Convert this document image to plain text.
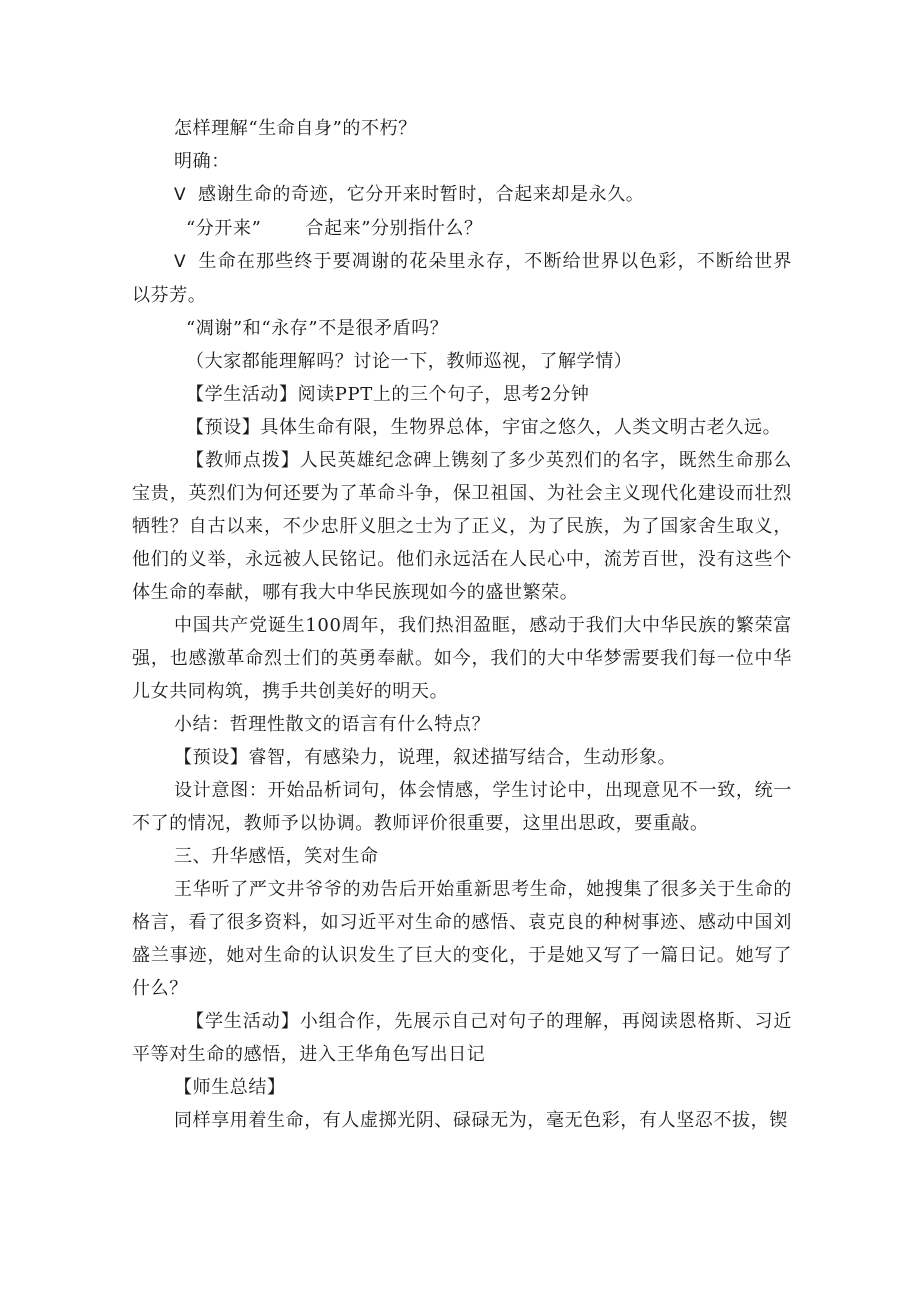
怎样理解“生命自身”的不朽？

明确：

V 感谢生命的奇迹，它分开来时暂时，合起来却是永久。

“分开来” 合起来”分别指什么？

V 生命在那些终于要凋谢的花朵里永存，不断给世界以色彩，不断给世界以芬芳。

“凋谢”和“永存”不是很矛盾吗？

（大家都能理解吗？讨论一下，教师巡视，了解学情）

【学生活动】阅读PPT上的三个句子，思考2分钟

【预设】具体生命有限，生物界总体，宇宙之悠久，人类文明古老久远。

【教师点拨】人民英雄纪念碑上镌刻了多少英烈们的名字，既然生命那么宝贵，英烈们为何还要为了革命斗争，保卫祖国、为社会主义现代化建设而壮烈牺牲？自古以来，不少忠肝义胆之士为了正义，为了民族，为了国家舍生取义，他们的义举，永远被人民铭记。他们永远活在人民心中，流芳百世，没有这些个体生命的奉献，哪有我大中华民族现如今的盛世繁荣。

中国共产党诞生100周年，我们热泪盈眶，感动于我们大中华民族的繁荣富强，也感激革命烈士们的英勇奉献。如今，我们的大中华梦需要我们每一位中华儿女共同构筑，携手共创美好的明天。

小结：哲理性散文的语言有什么特点？

【预设】睿智，有感染力，说理，叙述描写结合，生动形象。

设计意图：开始品析词句，体会情感，学生讨论中，出现意见不一致，统一不了的情况，教师予以协调。教师评价很重要，这里出思政，要重敲。

三、升华感悟，笑对生命

王华听了严文井爷爷的劝告后开始重新思考生命，她搜集了很多关于生命的格言，看了很多资料，如习近平对生命的感悟、袁克良的种树事迹、感动中国刘盛兰事迹，她对生命的认识发生了巨大的变化，于是她又写了一篇日记。她写了什么？

【学生活动】小组合作，先展示自己对句子的理解，再阅读恩格斯、习近平等对生命的感悟，进入王华角色写出日记

【师生总结】

同样享用着生命，有人虚掷光阴、碌碌无为，毫无色彩，有人坚忍不拔，锲
